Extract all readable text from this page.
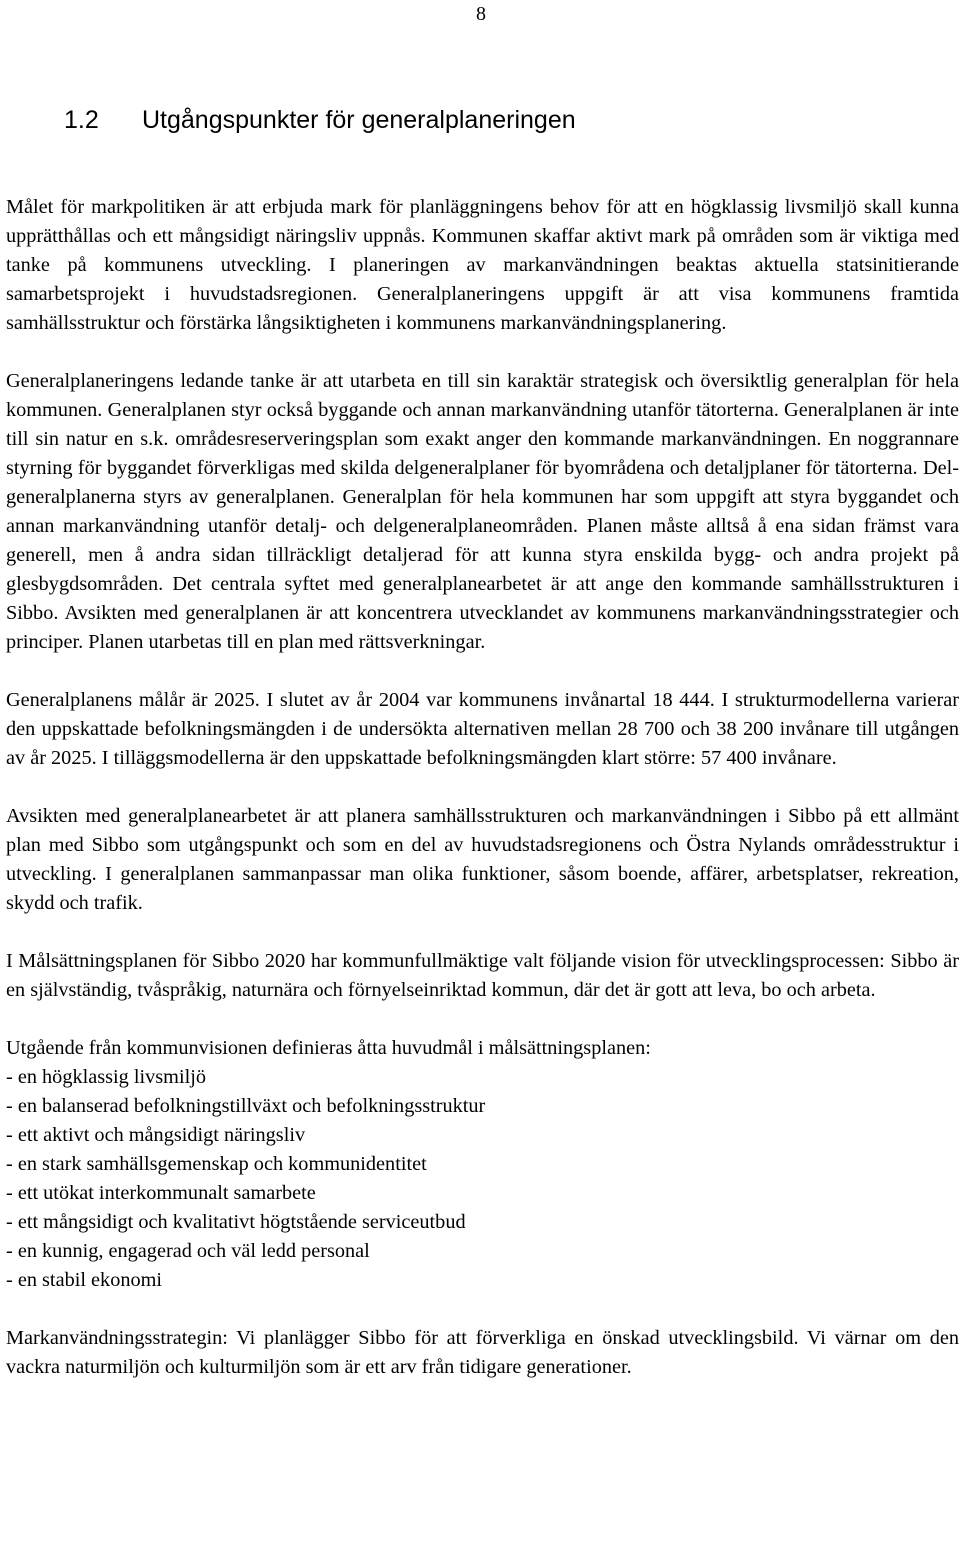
8
1.2 Utgångspunkter för generalplaneringen

Målet för markpolitiken är att erbjuda mark för planläggningens behov för att en högklassig livsmiljö skall kunna upprätthållas och ett mångsidigt näringsliv uppnås. Kommunen skaffar aktivt mark på områden som är viktiga med tanke på kommunens utveckling. I planeringen av markanvändningen beaktas aktuella statsinitierande samarbetsprojekt i huvudstadsregionen. Generalplaneringens uppgift är att visa kommunens framtida samhällsstruktur och förstärka långsiktigheten i kommunens markanvändningsplanering.

Generalplaneringens ledande tanke är att utarbeta en till sin karaktär strategisk och översiktlig generalplan för hela kommunen. Generalplanen styr också byggande och annan markanvändning utanför tätorterna. Generalplanen är inte till sin natur en s.k. områdesreserveringsplan som exakt anger den kommande markanvändningen. En noggrannare styrning för byggandet förverkligas med skilda delgeneralplaner för byområdena och detaljplaner för tätorterna. Delgeneralplanerna styrs av generalplanen. Generalplan för hela kommunen har som uppgift att styra byggandet och annan markanvändning utanför detalj- och delgeneralplaneområden. Planen måste alltså å ena sidan främst vara generell, men å andra sidan tillräckligt detaljerad för att kunna styra enskilda bygg- och andra projekt på glesbygdsområden. Det centrala syftet med generalplanearbetet är att ange den kommande samhällsstrukturen i Sibbo. Avsikten med generalplanen är att koncentrera utvecklandet av kommunens markanvändningsstrategier och principer. Planen utarbetas till en plan med rättsverkningar.

Generalplanens målår är 2025. I slutet av år 2004 var kommunens invånartal 18 444. I strukturmodellerna varierar den uppskattade befolkningsmängden i de undersökta alternativen mellan 28 700 och 38 200 invånare till utgången av år 2025. I tilläggsmodellerna är den uppskattade befolkningsmängden klart större: 57 400 invånare.

Avsikten med generalplanearbetet är att planera samhällsstrukturen och markanvändningen i Sibbo på ett allmänt plan med Sibbo som utgångspunkt och som en del av huvudstadsregionens och Östra Nylands områdesstruktur i utveckling. I generalplanen sammanpassar man olika funktioner, såsom boende, affärer, arbetsplatser, rekreation, skydd och trafik.

I Målsättningsplanen för Sibbo 2020 har kommunfullmäktige valt följande vision för utvecklingsprocessen: Sibbo är en självständig, tvåspråkig, naturnära och förnyelseinriktad kommun, där det är gott att leva, bo och arbeta.

Utgående från kommunvisionen definieras åtta huvudmål i målsättningsplanen:

- en högklassig livsmiljö
- en balanserad befolkningstillväxt och befolkningsstruktur
- ett aktivt och mångsidigt näringsliv
- en stark samhällsgemenskap och kommunidentitet
- ett utökat interkommunalt samarbete
- ett mångsidigt och kvalitativt högtstående serviceutbud
- en kunnig, engagerad och väl ledd personal
- en stabil ekonomi

Markanvändningsstrategin: Vi planlägger Sibbo för att förverkliga en önskad utvecklingsbild. Vi värnar om den vackra naturmiljön och kulturmiljön som är ett arv från tidigare generationer.
